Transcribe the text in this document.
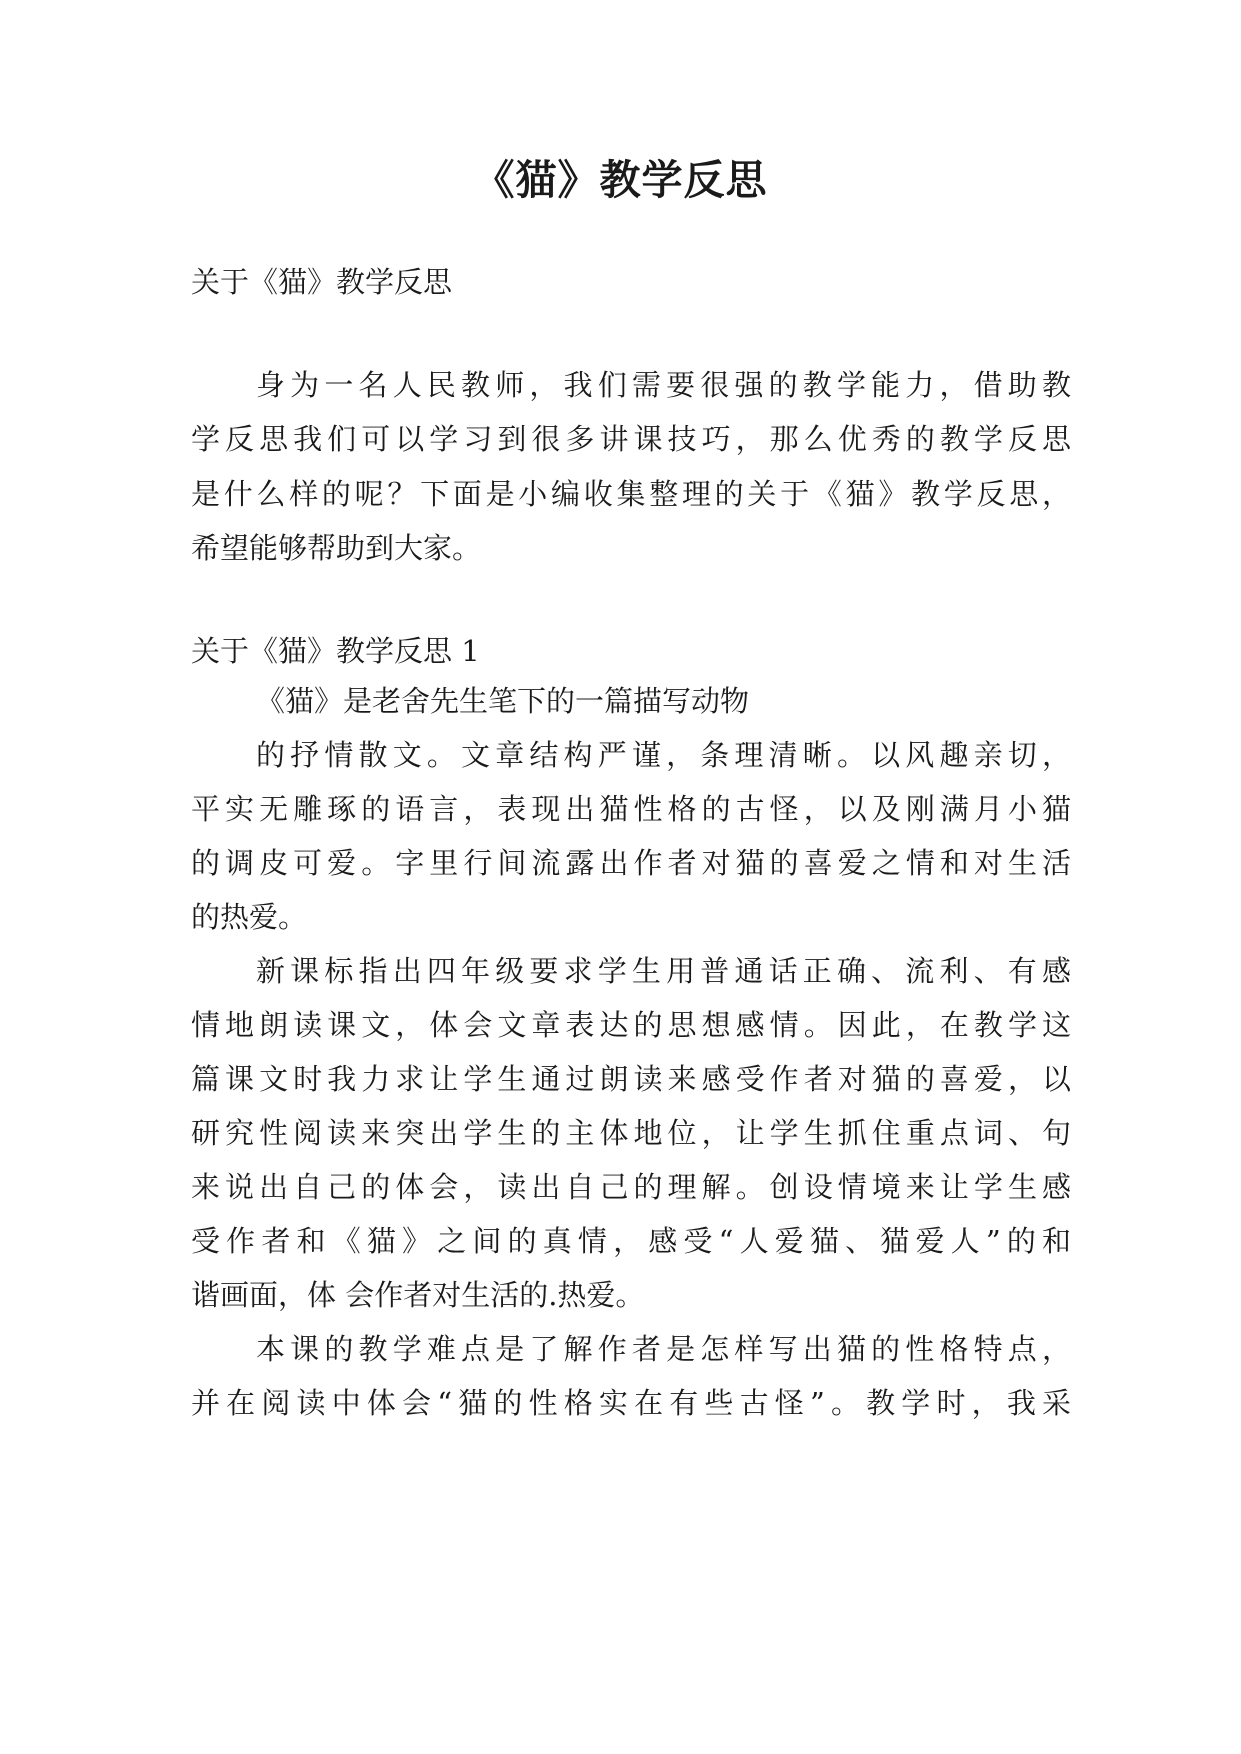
《猫》教学反思

关于《猫》教学反思

身为一名人民教师，我们需要很强的教学能力，借助教

学反思我们可以学习到很多讲课技巧，那么优秀的教学反思

是什么样的呢？下面是小编收集整理的关于《猫》教学反思，

希望能够帮助到大家。

关于《猫》教学反思 1

《猫》是老舍先生笔下的一篇描写动物

的抒情散文。文章结构严谨，条理清晰。以风趣亲切，

平实无雕琢的语言，表现出猫性格的古怪，以及刚满月小猫

的调皮可爱。字里行间流露出作者对猫的喜爱之情和对生活

的热爱。

新课标指出四年级要求学生用普通话正确、流利、有感

情地朗读课文，体会文章表达的思想感情。因此，在教学这

篇课文时我力求让学生通过朗读来感受作者对猫的喜爱，以

研究性阅读来突出学生的主体地位，让学生抓住重点词、句

来说出自己的体会，读出自己的理解。创设情境来让学生感

受作者和《猫》之间的真情，感受“人爱猫、猫爱人”的和

谐画面，体 会作者对生活的.热爱。

本课的教学难点是了解作者是怎样写出猫的性格特点，

并在阅读中体会“猫的性格实在有些古怪”。教学时，我采
